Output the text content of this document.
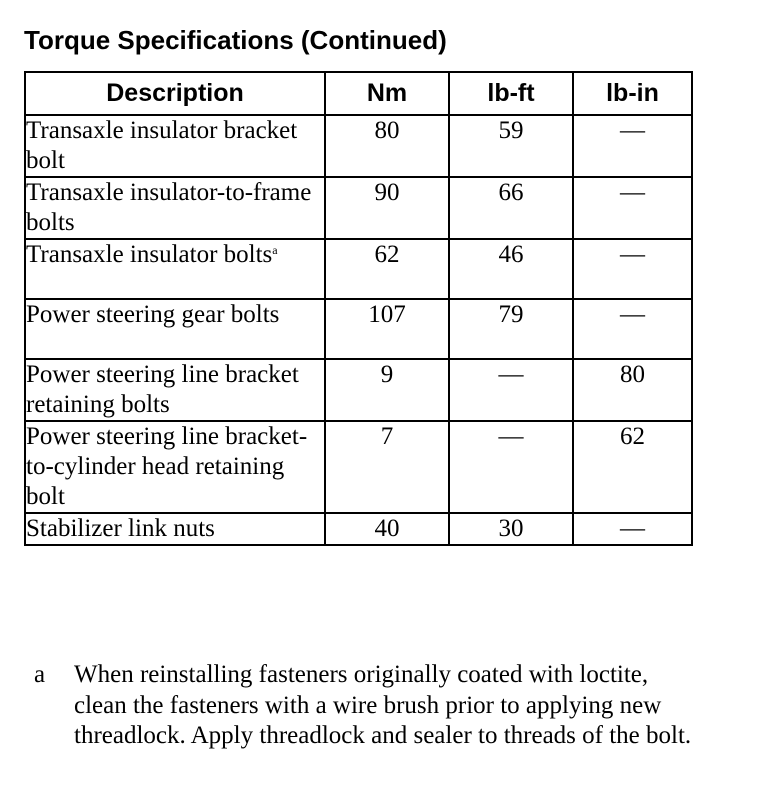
Torque Specifications (Continued)
Description	Nm	lb-ft	lb-in
Transaxle insulator bracket bolt	80	59	—
Transaxle insulator-to-frame bolts	90	66	—
Transaxle insulator bolts$^a$	62	46	—
Power steering gear bolts	107	79	—
Power steering line bracket retaining bolts	9	—	80
Power steering line bracket-to-cylinder head retaining bolt	7	—	62
Stabilizer link nuts	40	30	—
a When reinstalling fasteners originally coated with loctite, clean the fasteners with a wire brush prior to applying new threadlock. Apply threadlock and sealer to threads of the bolt.
